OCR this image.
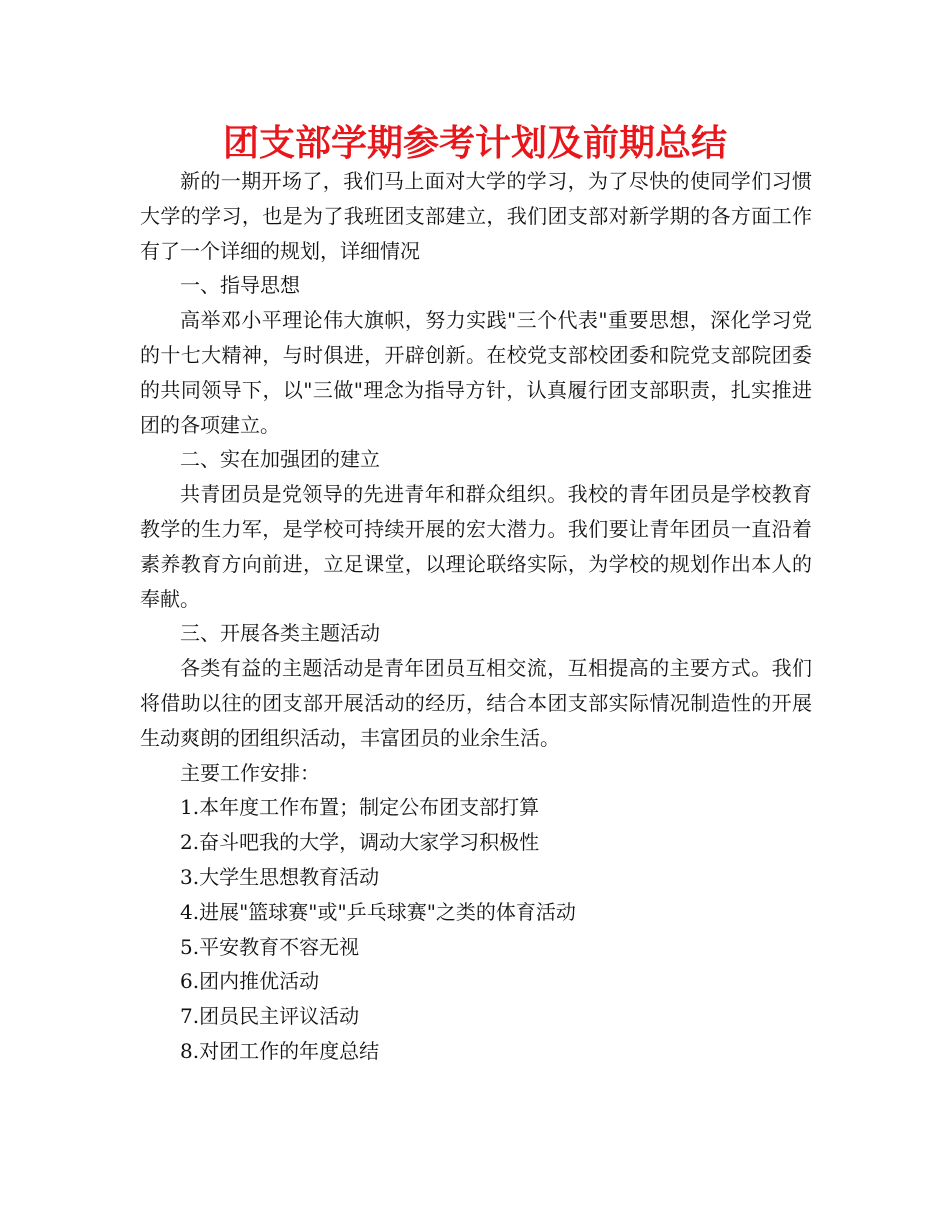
团支部学期参考计划及前期总结

新的一期开场了，我们马上面对大学的学习，为了尽快的使同学们习惯大学的学习，也是为了我班团支部建立，我们团支部对新学期的各方面工作有了一个详细的规划，详细情况

一、指导思想

高举邓小平理论伟大旗帜，努力实践"三个代表"重要思想，深化学习党的十七大精神，与时俱进，开辟创新。在校党支部校团委和院党支部院团委的共同领导下，以"三做"理念为指导方针，认真履行团支部职责，扎实推进团的各项建立。

二、实在加强团的建立

共青团员是党领导的先进青年和群众组织。我校的青年团员是学校教育教学的生力军，是学校可持续开展的宏大潜力。我们要让青年团员一直沿着素养教育方向前进，立足课堂，以理论联络实际，为学校的规划作出本人的奉献。

三、开展各类主题活动

各类有益的主题活动是青年团员互相交流，互相提高的主要方式。我们将借助以往的团支部开展活动的经历，结合本团支部实际情况制造性的开展生动爽朗的团组织活动，丰富团员的业余生活。

主要工作安排：

1.本年度工作布置；制定公布团支部打算

2.奋斗吧我的大学，调动大家学习积极性

3.大学生思想教育活动

4.进展"篮球赛"或"乒乓球赛"之类的体育活动

5.平安教育不容无视

6.团内推优活动

7.团员民主评议活动

8.对团工作的年度总结
